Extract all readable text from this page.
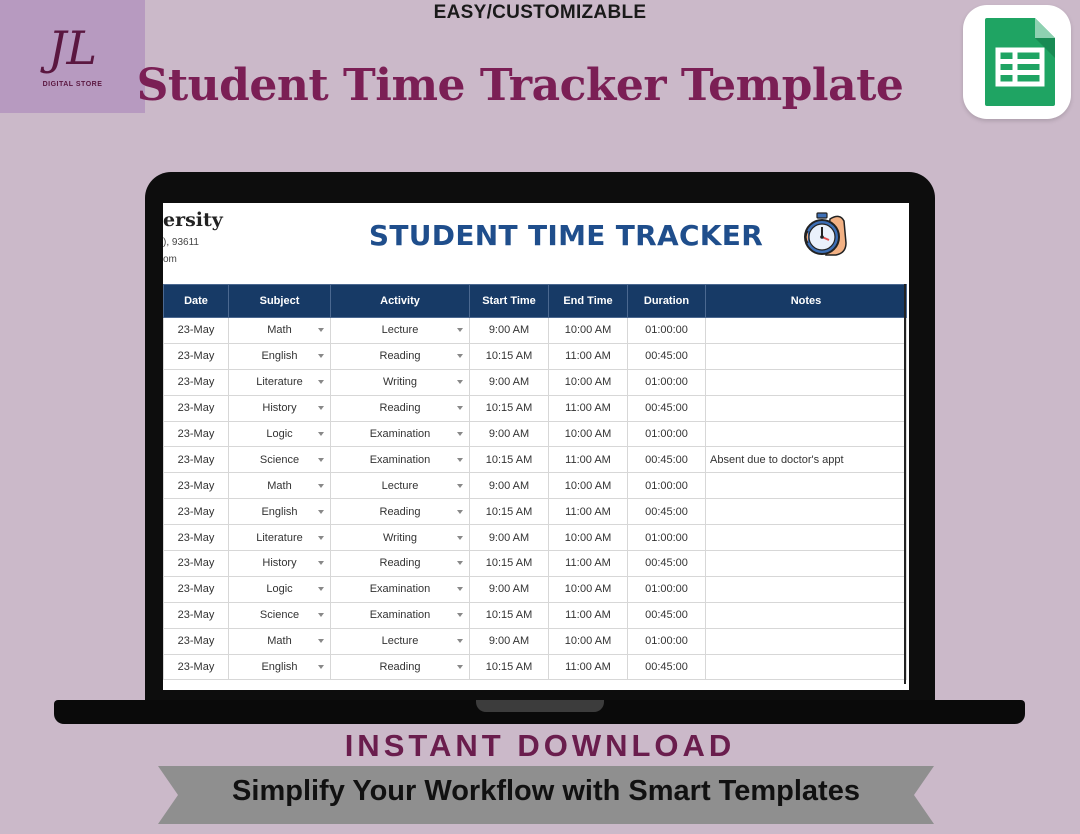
JL
DIGITAL STORE
EASY/CUSTOMIZABLE
Student Time Tracker Template
ersity
), 93611
om
STUDENT TIME TRACKER
Date	Subject	Activity	Start Time	End Time	Duration	Notes
23-May	Math	Lecture	9:00 AM	10:00 AM	01:00:00	
23-May	English	Reading	10:15 AM	11:00 AM	00:45:00	
23-May	Literature	Writing	9:00 AM	10:00 AM	01:00:00	
23-May	History	Reading	10:15 AM	11:00 AM	00:45:00	
23-May	Logic	Examination	9:00 AM	10:00 AM	01:00:00	
23-May	Science	Examination	10:15 AM	11:00 AM	00:45:00	Absent due to doctor's appt
23-May	Math	Lecture	9:00 AM	10:00 AM	01:00:00	
23-May	English	Reading	10:15 AM	11:00 AM	00:45:00	
23-May	Literature	Writing	9:00 AM	10:00 AM	01:00:00	
23-May	History	Reading	10:15 AM	11:00 AM	00:45:00	
23-May	Logic	Examination	9:00 AM	10:00 AM	01:00:00	
23-May	Science	Examination	10:15 AM	11:00 AM	00:45:00	
23-May	Math	Lecture	9:00 AM	10:00 AM	01:00:00	
23-May	English	Reading	10:15 AM	11:00 AM	00:45:00	
INSTANT DOWNLOAD
Simplify Your Workflow with Smart Templates
